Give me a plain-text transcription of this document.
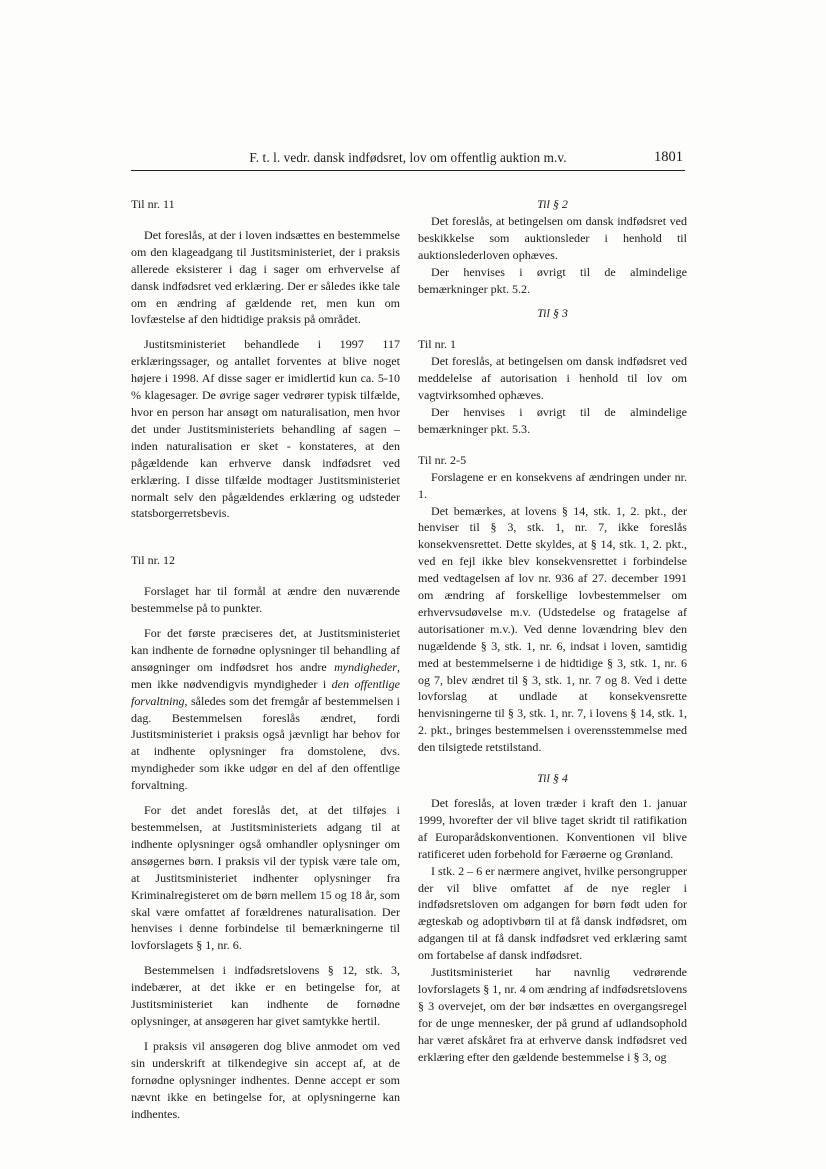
F. t. l. vedr. dansk indfødsret, lov om offentlig auktion m.v.	1801

Til nr. 11

Det foreslås, at der i loven indsættes en bestemmelse om den klageadgang til Justitsministeriet, der i praksis allerede eksisterer i dag i sager om erhvervelse af dansk indfødsret ved erklæring. Der er således ikke tale om en ændring af gældende ret, men kun om lovfæstelse af den hidtidige praksis på området.

Justitsministeriet behandlede i 1997 117 erklæringssager, og antallet forventes at blive noget højere i 1998. Af disse sager er imidlertid kun ca. 5-10 % klagesager. De øvrige sager vedrører typisk tilfælde, hvor en person har ansøgt om naturalisation, men hvor det under Justitsministeriets behandling af sagen – inden naturalisation er sket - konstateres, at den pågældende kan erhverve dansk indfødsret ved erklæring. I disse tilfælde modtager Justitsministeriet normalt selv den pågældendes erklæring og udsteder statsborgerretsbevis.

Til nr. 12

Forslaget har til formål at ændre den nuværende bestemmelse på to punkter.

For det første præciseres det, at Justitsministeriet kan indhente de fornødne oplysninger til behandling af ansøgninger om indfødsret hos andre myndigheder, men ikke nødvendigvis myndigheder i den offentlige forvaltning, således som det fremgår af bestemmelsen i dag. Bestemmelsen foreslås ændret, fordi Justitsministeriet i praksis også jævnligt har behov for at indhente oplysninger fra domstolene, dvs. myndigheder som ikke udgør en del af den offentlige forvaltning.

For det andet foreslås det, at det tilføjes i bestemmelsen, at Justitsministeriets adgang til at indhente oplysninger også omhandler oplysninger om ansøgernes børn. I praksis vil der typisk være tale om, at Justitsministeriet indhenter oplysninger fra Kriminalregisteret om de børn mellem 15 og 18 år, som skal være omfattet af forældrenes naturalisation. Der henvises i denne forbindelse til bemærkningerne til lovforslagets § 1, nr. 6.

Bestemmelsen i indfødsretslovens § 12, stk. 3, indebærer, at det ikke er en betingelse for, at Justitsministeriet kan indhente de fornødne oplysninger, at ansøgeren har givet samtykke hertil.

I praksis vil ansøgeren dog blive anmodet om ved sin underskrift at tilkendegive sin accept af, at de fornødne oplysninger indhentes. Denne accept er som nævnt ikke en betingelse for, at oplysningerne kan indhentes.

Til § 2

Det foreslås, at betingelsen om dansk indfødsret ved beskikkelse som auktionsleder i henhold til auktionslederloven ophæves.

Der henvises i øvrigt til de almindelige bemærkninger pkt. 5.2.

Til § 3

Til nr. 1

Det foreslås, at betingelsen om dansk indfødsret ved meddelelse af autorisation i henhold til lov om vagtvirksomhed ophæves.

Der henvises i øvrigt til de almindelige bemærkninger pkt. 5.3.

Til nr. 2-5

Forslagene er en konsekvens af ændringen under nr. 1.

Det bemærkes, at lovens § 14, stk. 1, 2. pkt., der henviser til § 3, stk. 1, nr. 7, ikke foreslås konsekvensrettet. Dette skyldes, at § 14, stk. 1, 2. pkt., ved en fejl ikke blev konsekvensrettet i forbindelse med vedtagelsen af lov nr. 936 af 27. december 1991 om ændring af forskellige lovbestemmelser om erhvervsudøvelse m.v. (Udstedelse og fratagelse af autorisationer m.v.). Ved denne lovændring blev den nugældende § 3, stk. 1, nr. 6, indsat i loven, samtidig med at bestemmelserne i de hidtidige § 3, stk. 1, nr. 6 og 7, blev ændret til § 3, stk. 1, nr. 7 og 8. Ved i dette lovforslag at undlade at konsekvensrette henvisningerne til § 3, stk. 1, nr. 7, i lovens § 14, stk. 1, 2. pkt., bringes bestemmelsen i overensstemmelse med den tilsigtede retstilstand.

Til § 4

Det foreslås, at loven træder i kraft den 1. januar 1999, hvorefter der vil blive taget skridt til ratifikation af Europarådskonventionen. Konventionen vil blive ratificeret uden forbehold for Færøerne og Grønland.

I stk. 2 – 6 er nærmere angivet, hvilke persongrupper der vil blive omfattet af de nye regler i indfødsretsloven om adgangen for børn født uden for ægteskab og adoptivbørn til at få dansk indfødsret, om adgangen til at få dansk indfødsret ved erklæring samt om fortabelse af dansk indfødsret.

Justitsministeriet har navnlig vedrørende lovforslagets § 1, nr. 4 om ændring af indfødsretslovens § 3 overvejet, om der bør indsættes en overgangsregel for de unge mennesker, der på grund af udlandsophold har været afskåret fra at erhverve dansk indfødsret ved erklæring efter den gældende bestemmelse i § 3, og
